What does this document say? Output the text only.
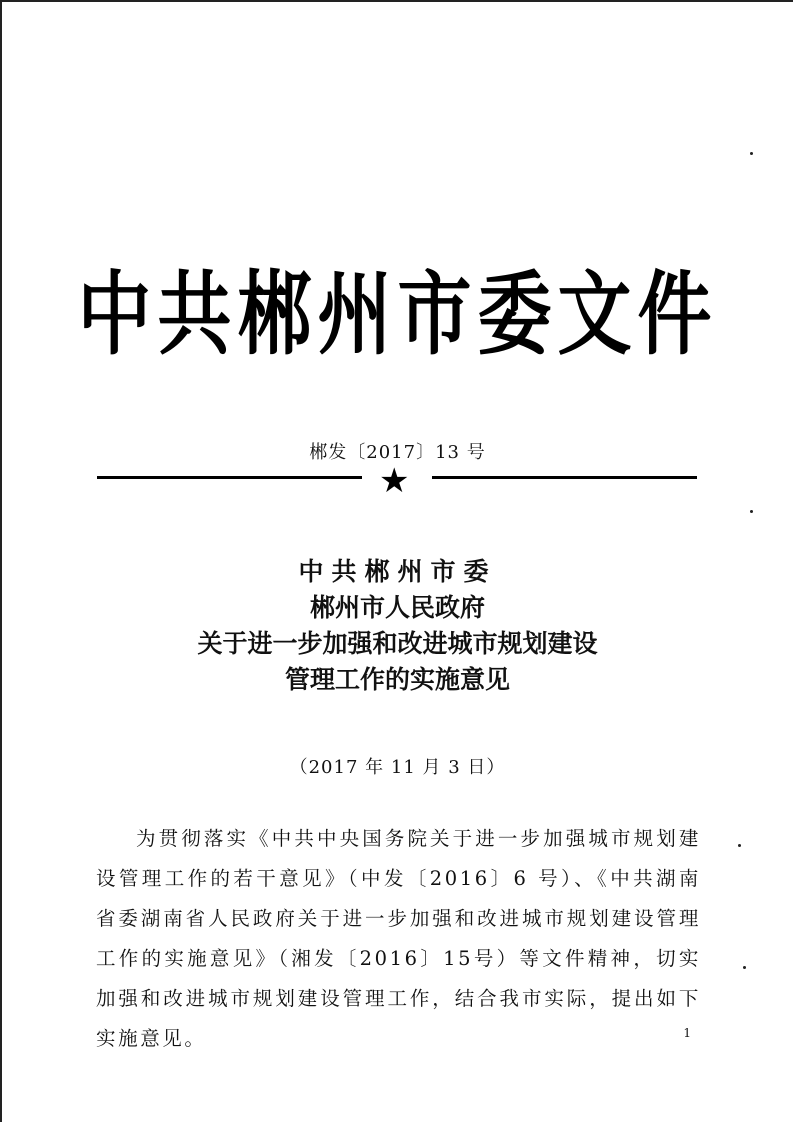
中共郴州市委文件
郴发〔2017〕13 号
★
中共郴州市委
郴州市人民政府
关于进一步加强和改进城市规划建设
管理工作的实施意见
（2017 年 11 月 3 日）

为贯彻落实《中共中央国务院关于进一步加强城市规划建设管理工作的若干意见》（中发〔2016〕6 号）、《中共湖南省委湖南省人民政府关于进一步加强和改进城市规划建设管理工作的实施意见》（湘发〔2016〕15号）等文件精神，切实加强和改进城市规划建设管理工作，结合我市实际，提出如下实施意见。	1
